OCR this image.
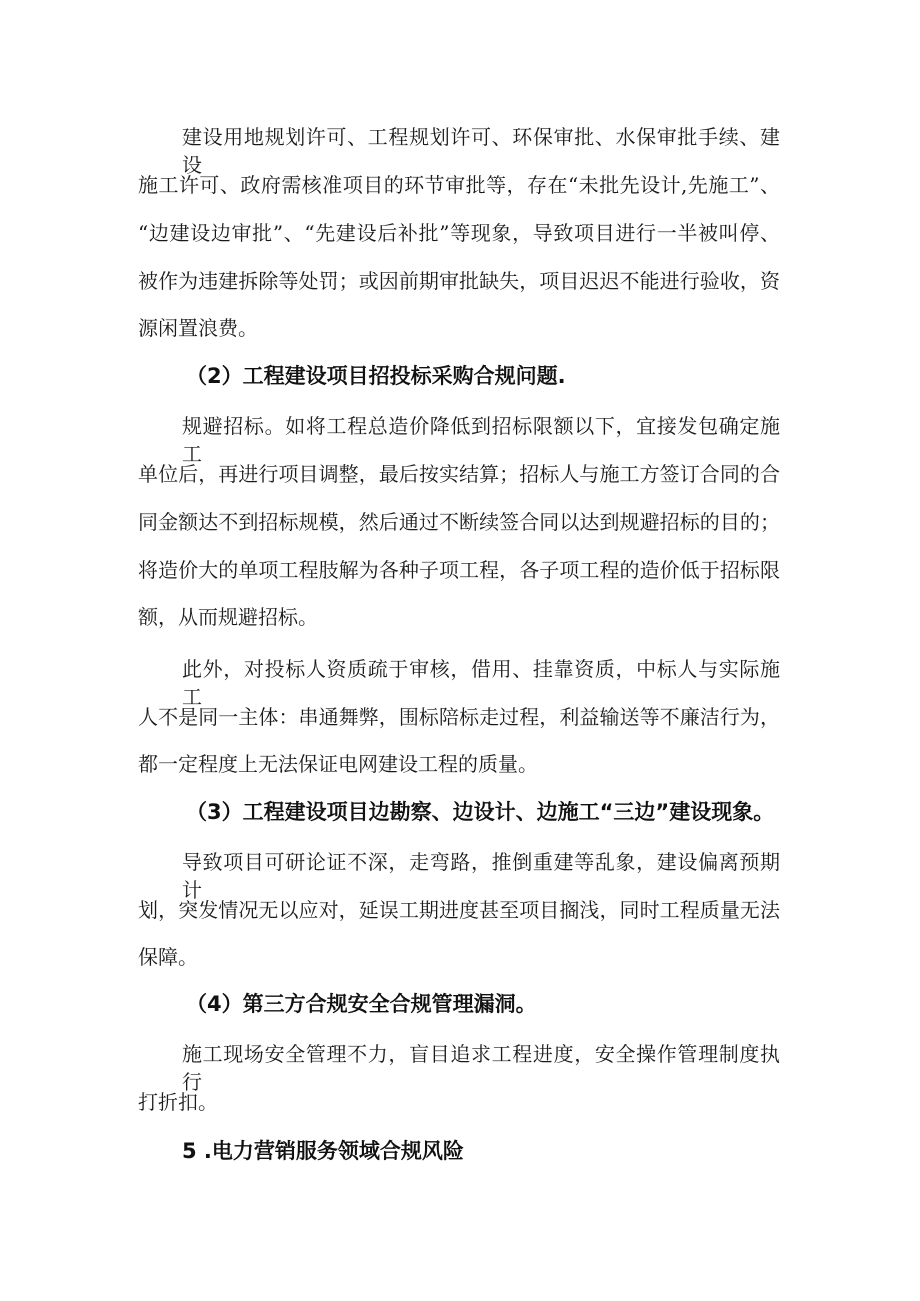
建设用地规划许可、工程规划许可、环保审批、水保审批手续、建设
施工许可、政府需核准项目的环节审批等，存在“未批先设计,先施工”、
“边建设边审批”、“先建设后补批”等现象，导致项目进行一半被叫停、
被作为违建拆除等处罚；或因前期审批缺失，项目迟迟不能进行验收，资
源闲置浪费。
（2）工程建设项目招投标采购合规问题.
规避招标。如将工程总造价降低到招标限额以下，宜接发包确定施工
单位后，再进行项目调整，最后按实结算；招标人与施工方签订合同的合
同金额达不到招标规模，然后通过不断续签合同以达到规避招标的目的；
将造价大的单项工程肢解为各种子项工程，各子项工程的造价低于招标限
额，从而规避招标。
此外，对投标人资质疏于审核，借用、挂靠资质，中标人与实际施工
人不是同一主体：串通舞弊，围标陪标走过程，利益输送等不廉洁行为，
都一定程度上无法保证电网建设工程的质量。
（3）工程建设项目边勘察、边设计、边施工“三边”建设现象。
导致项目可研论证不深，走弯路，推倒重建等乱象，建设偏离预期计
划，突发情况无以应对，延误工期进度甚至项目搁浅，同时工程质量无法
保障。
（4）第三方合规安全合规管理漏洞。
施工现场安全管理不力，盲目追求工程进度，安全操作管理制度执行
打折扣。
5 .电力营销服务领域合规风险
